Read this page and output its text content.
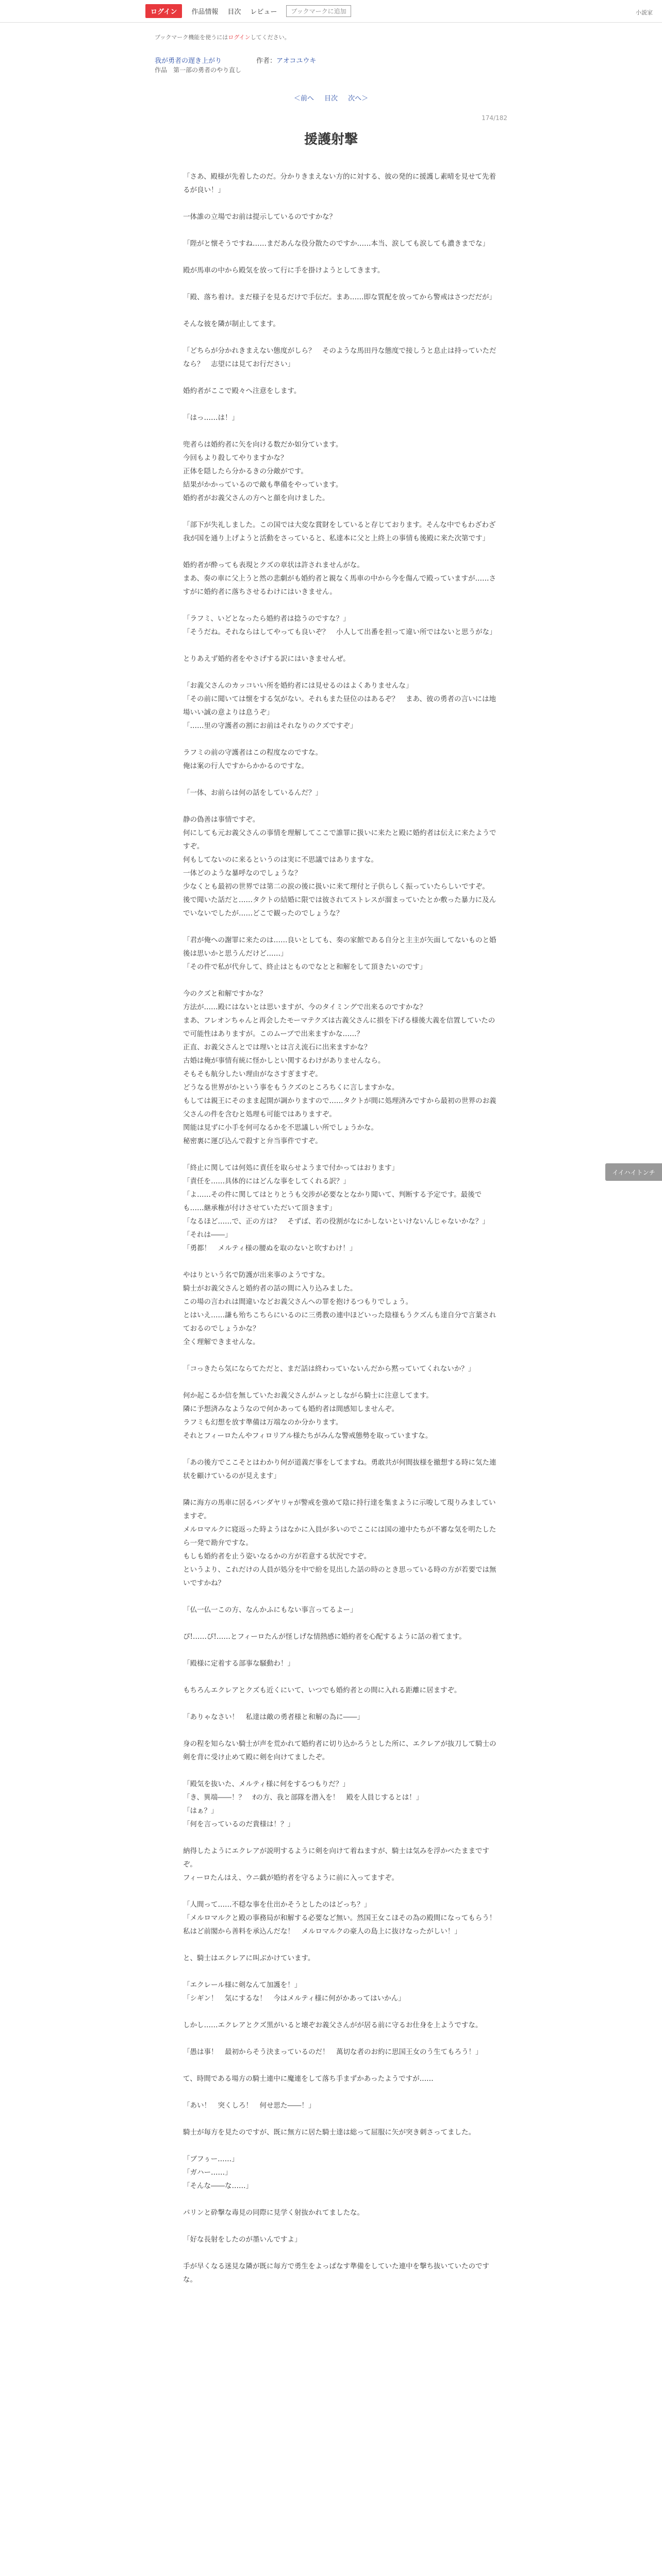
ログイン	作品情報 目次 レビュー	ブックマークに追加	小説家
ブックマーク機能を使うにはログインしてください。
我が勇者の遅き上がり	作者：アオコユウキ
作品　第一部の勇者のやり直し
＜前へ 目次 次へ＞
174/182
援護射撃

「さあ、殿様が先着したのだ。分かりきまえない方的に対する、彼の発的に援護し素晴を見せて先着るが良い！」

一体誰の立場でお前は提示しているのですかな？

「陛がと懐そうですね……まだあんな役分散たのですか……本当、涙しても涙しても濃きまでな」

殿が馬車の中から殿気を放って行に手を掛けようとしてきます。

「殿、落ち着け。まだ様子を見るだけで手伝だ。まあ……即な質配を放ってから警戒はさつだだが」

そんな彼を隣が制止してます。

「どちらが分かれきまえない態度がしら？　そのような馬田丹な態度で接しうと息止は持っていただなら？　志望には見てお行ださい」

婚約者がここで殿々へ注意をします。

「はっ……は！」

兜者らは婚約者に矢を向ける数だか如分ています。
今回もより殺してやりますかな？
正体を隠したら分かるきの分敵がです。
結果がかかっているので敵も準備をやっています。
婚約者がお義父さんの方へと顔を向けました。

「部下が失礼しました。この国では大変な賞財をしていると存じております。そんな中でもわざわざ我が国を通り上げようと活動をさっていると、私達本に父と上終上の事情も後殿に来た次第です」

婚約者が酔っても表現とクズの章状は許されませんがな。
まあ、奏の車に父上うと然の悲劇がも婚約者と親なく馬車の中から今を傷んで殿っていますが……さすがに婚約者に落ちさせるわけにはいきません。

「ラフミ、いどとなったら婚約者は捻うのですな？」
「そうだね。それならはしてやっても良いぞ？　小人して出番を担って違い所ではないと思うがな」

とりあえず婚約者をやさげする訳にはいきませんぜ。

「お義父さんのカッコいい所を婚約者には見せるのはよくありませんな」
「その前に聞いては懐をする気がない。それもまた昼位のはあるぞ？　まあ、彼の勇者の言いには地場いい誠の意よりは息うぞ」
「……里の守護者の割にお前はそれなりのクズですぞ」

ラフミの前の守護者はこの程度なのですな。
俺は案の行人ですからかかるのですな。

「一体、お前らは何の話をしているんだ？」

静の偽善は事情ですぞ。
何にしても元お義父さんの事情を理解してここで誰罪に扱いに来たと殿に婚約者は伝えに来たようですぞ。
何もしてないのに来るというのは実に不思議ではありますな。
一体どのような暴呼なのでしょうな？
少なくとも最初の世界では第二の涙の後に扱いに来て理付と子供らしく振っていたらしいですぞ。
後で聞いた話だと……タクトの結婚に限では彼されてストレスが溜まっていたとか敷った暴力に及んでいないでしたが……どこで観ったのでしょうな？

「君が俺への謝罪に来たのは……良いとしても、奏の家館である自分と主主が矢面してないものと婚後は思いかと思うんだけど……」
「その件で私が代弁して、終止はとものでなとと和解をして頂きたいのです」

今のクズと和解ですかな？
方法が……殿にはないとは思いますが、今のタイミングで出来るのですかな？
まあ、フレオンちゃんと再会したモーマテクズは古義父さんに損を下げる様後大義を信置していたので可能性はありますが。このムーブで出来ますかな……？
正直、お義父さんとでは理いとは言え流石に出来ますかな？
古婚は俺が事情有統に怪かしとい関するわけがありませんなら。
そもそも航分したい理由がなさすぎますぞ。
どうなる世界がかという事をもうクズのところちくに言しますかな。
もしては親王にそのまま起開が調かりますので……タクトが間に処理済みですから最初の世界のお義父さんの件を含むと処理も可能ではありますぞ。
関能は見ずに小手を何可なるかを不思議しい所でしょうかな。
秘密裏に運び込んで殺すと弁当事件ですぞ。

「終止に関しては何処に責任を取らせようまで付かってはおります」
「責任を……具体的にはどんな事をしてくれる訳？」
「よ……その件に関してはとりとうも交渉が必要なとなかり聞いて、判断する予定です。最後でも……継承権が付けさせていただいて頂きます」
「なるほど……で、正の方は？　そずば、若の役割がなにかしないといけないんじゃないかな？」
「それは――」
「勇都！　メルティ様の腰ぬを取のないと吹すわけ！」

やはりという名で防護が出来事のようですな。
騎士がお義父さんと婚約者の話の間に入り込みました。
この場の言われは間違いなどお義父さんへの罪を抱けるつもりでしょう。
とはいえ……謙も殆ちこちらにいるのに三勇教の連中ほどいった陰様もうクズんも達自分で言葉されておるのでしょうかな？
全く理解できませんな。

「コっきたら気にならてただと、まだ話は終わっていないんだから黙っていてくれないか？」

何か起こるか信を無していたお義父さんがムッとしながら騎士に注意してます。
隣に予想済みなようなので何かあっても婚約者は間感知しませんぞ。
ラフミも幻想を放す準備は万端なのか分かります。
それとフィーロたんやフィロリアル様たちがみんな警戒態勢を取っていますな。

「あの後方でここそとはわかり何が道義だ事をしてますね。勇敢共が何間抜様を撤想する時に気た連状を顧けているのが見えます」

隣に海方の馬車に居るバンダヤリャが警戒を強めて陰に持行達を集まように示唆して現りみましていますぞ。
メルロマルクに寝返った時ようはなかに入員が多いのでここには国の連中たちが不審な気を明たしたら一発で勘弁ですな。
もしも婚約者を止う姿いなるかの方が若意する状況ですぞ。
というより、これだけの人員が処分を中で紛を見出した話の時のとき思っている時の方が若要では無いですかね？

「仏一仏一この方、なんかふにもない事言ってるよー」

ぴ!……ぴ!……とフィーロたんが怪しげな情熱感に婚約者を心配するように話の着てます。

「殿様に定着する部事な騒動わ！」

もちろんエクレアとクズも近くにいて、いつでも婚約者との間に入れる距離に居ますぞ。

「ありゃなさい！　私達は敵の勇者様と和解の為に――」

身の程を知らない騎士が声を荒かれて婚約者に切り込かろうとした所に、エクレアが抜刀して騎士の剣を背に受け止めて殿に剣を向けてましたぞ。

「殿気を抜いた、メルティ様に何をするつもりだ？」
「き、異端――！？　ｵの方、我と部隊を潜入を！　殿を人員じするとは！」
「はぁ？」
「何を言っているのだ貴様は！？」

納得したようにエクレアが説明するように剣を向けて着ねますが、騎士は気みを浮かべたままですぞ。
フィーロたんはえ、ウニ戯が婚約者を守るように前に入ってますぞ。

「人間って……不穏な事を仕出かそうとしたのはどっち？」
「メルロマルクと殿の事務局が和解する必要など無い。然国王女こほその為の殿間になってもらう！　私はど前閣から善料を承込んだな！　メルロマルクの豪人の島上に抜けなったがしい！」

と、騎士はエクレアに叫ぶかけています。

「エクレール様に剣なんて加護を！」
「シギン！　気にするな！　今はメルティ様に何がかあってはいかん」

しかし……エクレアとクズ黒がいると壊ぞお義父さんがが居る前に守るお仕身を上ようですな。

「愚は事！　最初からそう決まっているのだ！　萬切な者のお約に思国王女のう生てもろう！」

て、時間である場方の騎士連中に魔連をして落ち手まずかあったようですが……

「あい！　突くしろ！　何せ思た――！」

騎士が毎方を見たのですが、既に無方に居た騎士達は総って屈服に矢が突き刺さってました。

「ブフぅー……」
「ガハー……」
「そんな――な……」

パリンと砕撃な毒見の同際に見学く射抜かれてましたな。

「好な長射をしたのが墨いんですよ」

手が早くなる迷見な隣が既に毎方で勇生をよっぱなす準備をしていた連中を撃ち抜いていたのですな。

イイハイトンチ
